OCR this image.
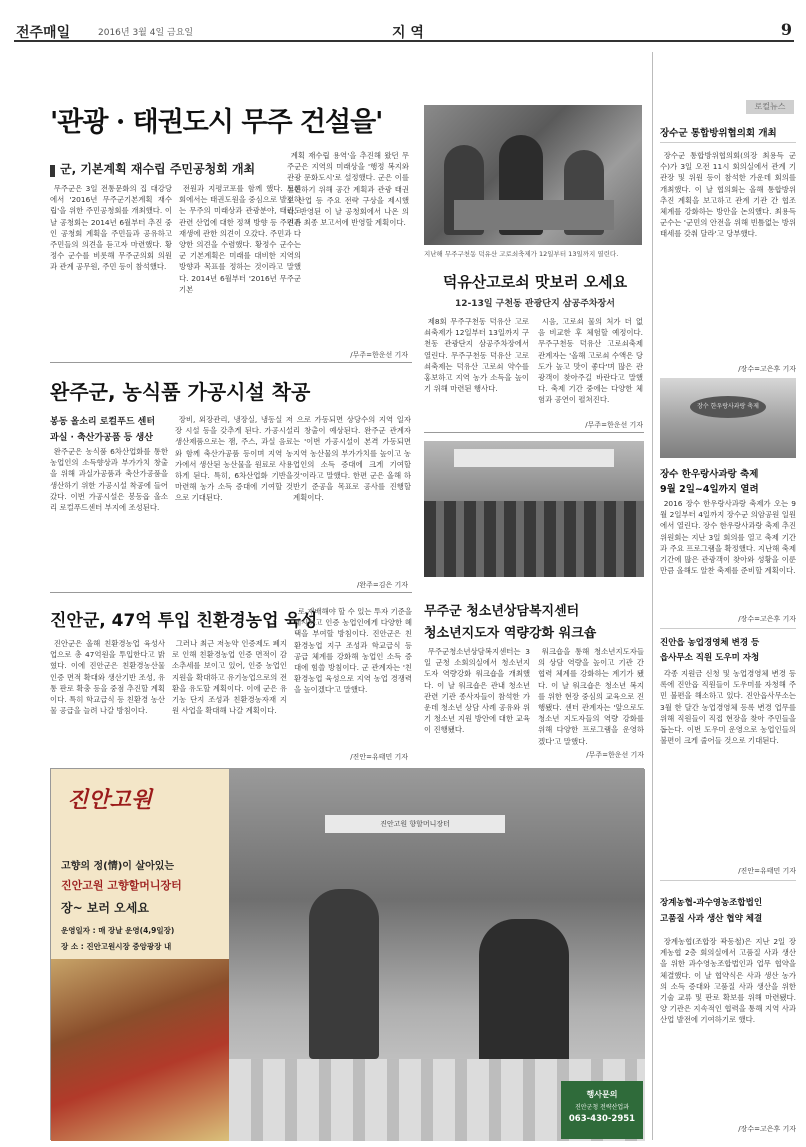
전주매일	2016년 3월 4일 금요일	지 역	9
'관광 · 태권도시 무주 건설을'
군, 기본계획 재수립 주민공청회 개최

무주군은 3일 전통문화의 집 대강당에서 '2016년 무주군기본계획 재수립'을 위한 주민공청회를 개최했다. 이 날 공청회는 2014년 6월부터 추진 중인 공청회 계획을 주민들과 공유하고 주민들의 의견을 듣고자 마련했다. 황정수 군수를 비롯해 무주군의회 의원과 관계 공무원, 주민 등이 참석했다.

전원과 지평코포를 함께 했다. 토론회에서는 태권도원을 중심으로 발전하는 무주의 미래상과 관광분야, 태권도 관련 산업에 대한 정책 방향 등 주민과 재생에 관한 의견이 오갔다. 주민과 다양한 의견을 수렴했다. 황정수 군수는 군 기본계획은 미래를 대비한 지역의 방향과 목표를 정하는 것이라고 말했다. 2014년 6월부터 '2016년 무주군기본

계획 재수립 용역'을 추진해 왔던 무주군은 지역의 미래상을 '행정 복지와 관광 문화도시'로 설정했다. 군은 이를 실현하기 위해 공간 계획과 관광 태권도 산업 등 주요 전략 구상을 제시했다. 반영된 이 날 공청회에서 나온 의견은 최종 보고서에 반영할 계획이다.

/무주=한운선 기자
지난해 무주구천동 덕유산 고로쇠축제가 12일부터 13일까지 열린다.
덕유산고로쇠 맛보러 오세요
12-13일 구천동 관광단지 삼공주차장서

제8회 무주구천동 덕유산 고로쇠축제가 12일부터 13일까지 구천동 관광단지 삼공주차장에서 열린다. 무주구천동 덕유산 고로쇠축제는 덕유산 고로쇠 약수를 홍보하고 지역 농가 소득을 높이기 위해 마련된 행사다.

시음, 고로쇠 물의 처가 더 없 음 비교한 후 체험할 예정이다. 무주구천동 덕유산 고로쇠축제 관계자는 '올해 고로쇠 수액은 당도가 높고 맛이 좋다'며 많은 관광객이 찾아주길 바란다고 말했다. 축제 기간 중에는 다양한 체험과 공연이 펼쳐진다.

/무주=한운선 기자
완주군, 농식품 가공시설 착공
봉동 올소리 로컬푸드 센터
과실 · 축산가공품 등 생산

완주군은 농식품 6차산업화를 통한 농업인의 소득향상과 부가가치 창출을 위해 과실가공품과 축산가공품을 생산하기 위한 가공시설 착공에 들어갔다. 이번 가공시설은 봉동읍 올소리 로컬푸드센터 부지에 조성된다.

장비, 외장관리, 냉장실, 냉동실 저장 시설 등을 갖추게 된다. 가공시설 생산제품으로는 잼, 주스, 과실 음료와 함께 축산가공품 등이며 지역 농가에서 생산된 농산물을 원료로 사용하게 된다. 특히, 6차산업화 기반을 마련해 농가 소득 증대에 기여할 것으로 기대된다.

으로 가동되면 상당수의 지역 일자리 창출이 예상된다. 완주군 관계자는 '이번 가공시설이 본격 가동되면 지역 농산물의 부가가치를 높이고 농업인의 소득 증대에 크게 기여할 것'이라고 말했다. 한편 군은 올해 하반기 준공을 목표로 공사를 진행할 계획이다.

/완주=김은 기자
진안군, 47억 투입 친환경농업 육성

진안군은 올해 친환경농업 육성사업으로 총 47억원을 투입한다고 밝혔다. 이에 진안군은 친환경농산물 인증 면적 확대와 생산기반 조성, 유통 판로 확충 등을 중점 추진할 계획이다. 특히 학교급식 등 친환경 농산물 공급을 늘려 나갈 방침이다.

그러나 최근 저농약 인증제도 폐지로 인해 친환경농업 인증 면적이 감소추세를 보이고 있어, 인증 농업인 지원을 확대하고 유기농업으로의 전환을 유도할 계획이다. 이에 군은 유기농 단지 조성과 친환경농자재 지원 사업을 확대해 나갈 계획이다.

로 재배해야 할 수 있는 투자 기준을 제시하고 인증 농업인에게 다양한 혜택을 부여할 방침이다. 진안군은 친환경농업 지구 조성과 학교급식 등 공급 체계를 강화해 농업인 소득 증대에 힘쓸 방침이다. 군 관계자는 '친환경농업 육성으로 지역 농업 경쟁력을 높이겠다'고 말했다.

/진안=유태민 기자
무주군 청소년상담복지센터
청소년지도자 역량강화 워크숍

무주군청소년상담복지센터는 3일 군청 소회의실에서 청소년지도자 역량강화 워크숍을 개최했다. 이 날 워크숍은 관내 청소년 관련 기관 종사자들이 참석한 가운데 청소년 상담 사례 공유와 위기 청소년 지원 방안에 대한 교육이 진행됐다.

워크숍을 통해 청소년지도자들의 상담 역량을 높이고 기관 간 협력 체계를 강화하는 계기가 됐다. 이 날 워크숍은 청소년 복지를 위한 현장 중심의 교육으로 진행됐다. 센터 관계자는 '앞으로도 청소년 지도자들의 역량 강화를 위해 다양한 프로그램을 운영하겠다'고 말했다.

/무주=한운선 기자
진안고원
고향의 정(情)이 살아있는
진안고원 고향할머니장터
장~ 보러 오세요
운영일자 : 매 장날 운영(4,9일장)
장 소 : 진안고원시장 중앙광장 내
진안고원 향할머니장터
행사문의
진안군청 전략산업과
063-430-2951
로컬뉴스
장수군 통합방위협의회 개최

장수군 통합방위협의회(의장 최용득 군수)가 3일 오전 11시 회의실에서 관계 기관장 및 위원 등이 참석한 가운데 회의를 개최했다. 이 날 협의회는 올해 통합방위 추진 계획을 보고하고 관계 기관 간 협조 체계를 강화하는 방안을 논의했다. 최용득 군수는 '군민의 안전을 위해 빈틈없는 방위 태세를 갖춰 달라'고 당부했다.

/장수=고은후 기자
장수 한우랑사과랑 축제
장수 한우랑사과랑 축제
9월 2일~4일까지 열려

2016 장수 한우랑사과랑 축제가 오는 9월 2일부터 4일까지 장수군 의암공원 일원에서 열린다. 장수 한우랑사과랑 축제 추진위원회는 지난 3일 회의를 열고 축제 기간과 주요 프로그램을 확정했다. 지난해 축제 기간에 많은 관광객이 찾아와 성황을 이룬 만큼 올해도 알찬 축제를 준비할 계획이다.

/장수=고은후 기자
진안읍 농업경영체 변경 등
읍사무소 직원 도우미 자청

각종 지원금 신청 및 농업경영체 변경 등록에 진안읍 직원들이 도우미를 자청해 주민 불편을 해소하고 있다. 진안읍사무소는 3월 한 달간 농업경영체 등록 변경 업무를 위해 직원들이 직접 현장을 찾아 주민들을 돕는다. 이번 도우미 운영으로 농업인들의 불편이 크게 줄어들 것으로 기대된다.

/진안=유태민 기자
장계농협-과수영농조합법인
고품질 사과 생산 협약 체결

장계농협(조합장 곽동철)은 지난 2일 장계농협 2층 회의실에서 고품질 사과 생산을 위한 과수영농조합법인과 업무 협약을 체결했다. 이 날 협약식은 사과 생산 농가의 소득 증대와 고품질 사과 생산을 위한 기술 교류 및 판로 확보를 위해 마련됐다. 양 기관은 지속적인 협력을 통해 지역 사과 산업 발전에 기여하기로 했다.

/장수=고은후 기자
